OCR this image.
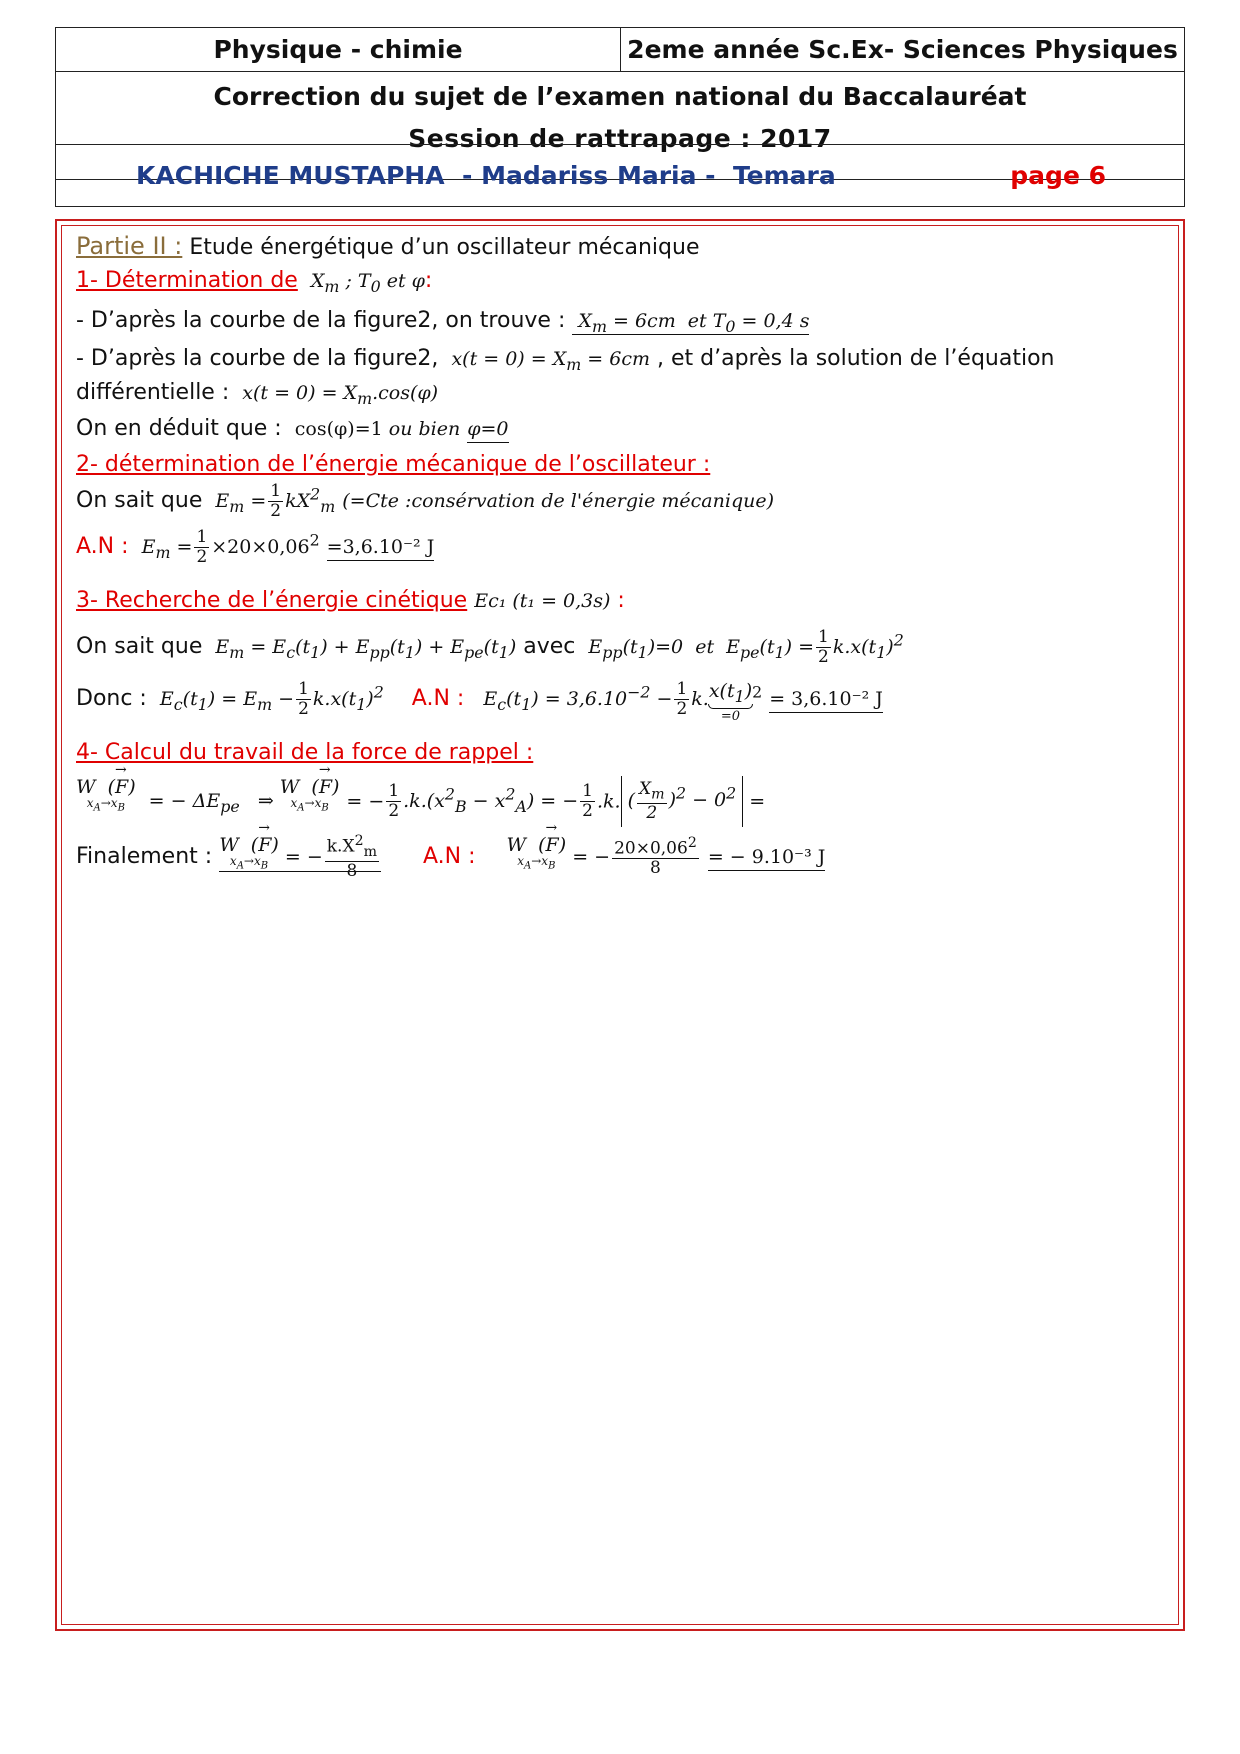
Physique - chimie	2eme année Sc.Ex- Sciences Physiques
Correction du sujet de l’examen national du Baccalauréat
Session de rattrapage : 2017
KACHICHE MUSTAPHA  - Madariss Maria -  Temara	page 6
Partie II : Etude énergétique d’un oscillateur mécanique
1- Détermination de  $X_m$ ; $T_0$ et φ:
- D’après la courbe de la figure2, on trouve :  $X_m = 6cm$  et $T_0 = 0,4$ s
- D’après la courbe de la figure2,  $x(t = 0) = X_m = 6cm$ , et d’après la solution de l’équation
différentielle :  $x(t = 0) = X_m.\cos(\varphi)$
On en déduit que :  cos(φ)=1 ou bien φ=0
2- détermination de l’énergie mécanique de l’oscillateur :
On sait que  $E_m = \frac{1}{2} kX^2_m$ (=Cte :consérvation de l'énergie mécanique)
A.N :  $E_m = \frac{1}{2} \times 20\times 0,06^2 =3,6.10^{-2}$ J
3- Recherche de l’énergie cinétique Ec₁ (t₁ = 0,3s) :
On sait que  $E_m = E_c(t_1) + E_{pp}(t_1) + E_{pe}(t_1)$ avec  $E_{pp}(t_1)=0$  et  $E_{pe}(t_1) = \frac{1}{2} k.x(t_1)^2$
Donc :  $E_c(t_1) = E_m - \frac{1}{2} k.x(t_1)^2$ A.N :   $E_c(t_1) = 3,6.10^{-2} - \frac{1}{2} k$. $x(t_1)$
=0
$^2$ = 3,6.10⁻² J
4- Calcul du travail de la force de rappel :
W  (→ F)
$x_A\to x_B$ = − $\Delta E_{pe}$   ⇒
W  (→ F)
$x_A\to x_B$ = − $\frac{1}{2} .k.(x^2_B - x^2_A)$ = − $\frac{1}{2} .k$. ( $\frac{X_m}{2} )^2 - 0^2$ =
Finalement : W  (→ F)
$x_A\to x_B$ = − $\frac{k.X^2_m}{8} A.N$ : W  (→ F)
$x_A\to x_B$ = − $\frac{20\times 0,06^2}{8}$ = − 9.10⁻³ J
